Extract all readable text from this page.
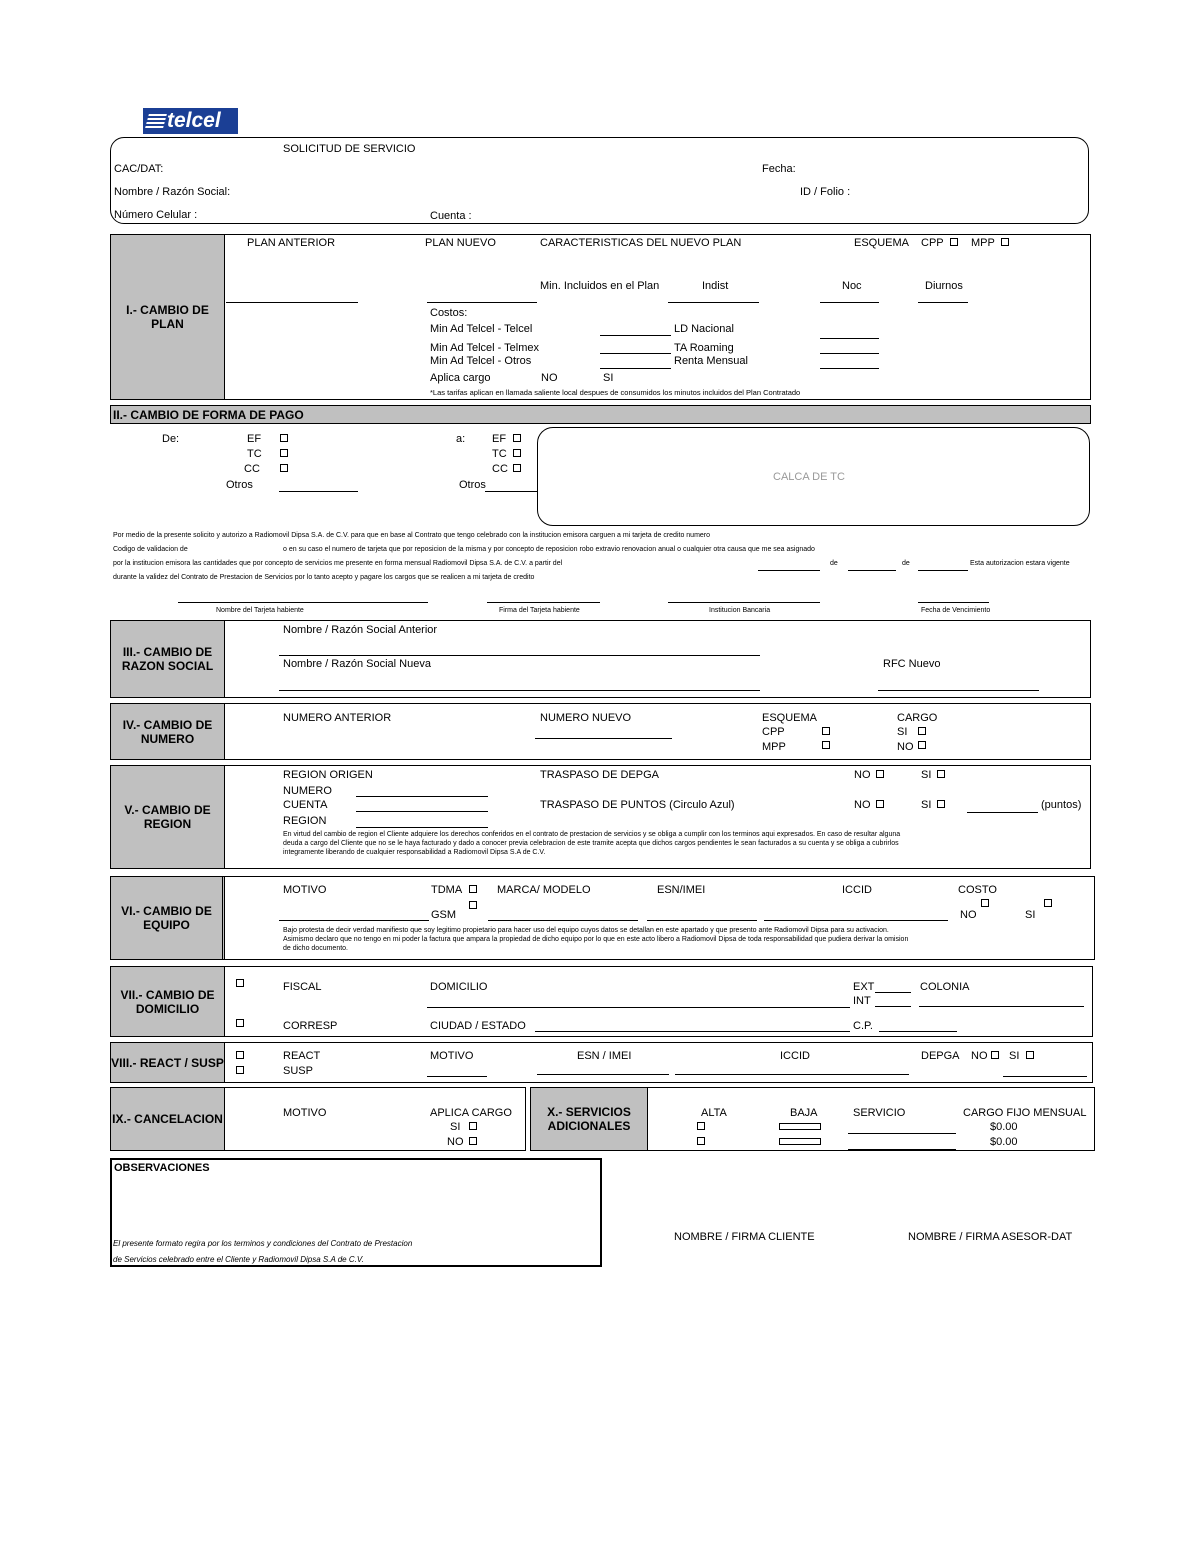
telcel
SOLICITUD DE SERVICIO
CAC/DAT:
Nombre / Razón Social:
Número Celular :	Cuenta :
Fecha:
ID / Folio :
I.- CAMBIO DE PLAN
PLAN ANTERIOR	PLAN NUEVO	CARACTERISTICAS DEL NUEVO PLAN	ESQUEMA CPP MPP
Min. Incluidos en el Plan	Indist	Noc	Diurnos
Costos:
Min Ad Telcel - Telcel	LD Nacional
Min Ad Telcel - Telmex	TA Roaming
Min Ad Telcel - Otros	Renta Mensual
Aplica cargo	NO	SI
*Las tarifas aplican en llamada saliente local despues de consumidos los minutos incluidos del Plan Contratado
II.- CAMBIO DE FORMA DE PAGO
De:	EF
TC
CC
Otros
a: EF
TC
CC
Otros
CALCA DE TC
Por medio de la presente solicito y autorizo a Radiomovil Dipsa S.A. de C.V. para que en base al Contrato que tengo celebrado con la institucion emisora carguen a mi tarjeta de credito numero
Codigo de validacion de	o en su caso el numero de tarjeta que por reposicion de la misma y por concepto de reposicion robo extravio renovacion anual o cualquier otra causa que me sea asignado
por la institucion emisora las cantidades que por concepto de servicios me presente en forma mensual Radiomovil Dipsa S.A. de C.V. a partir del	de	de	Esta autorizacion estara vigente
durante la validez del Contrato de Prestacion de Servicios por lo tanto acepto y pagare los cargos que se realicen a mi tarjeta de credito
Nombre del Tarjeta habiente	Firma del Tarjeta habiente	Institucion Bancaria	Fecha de Vencimiento
III.- CAMBIO DE RAZON SOCIAL
Nombre / Razón Social Anterior
Nombre / Razón Social Nueva	RFC Nuevo
IV.- CAMBIO DE NUMERO
NUMERO ANTERIOR	NUMERO NUEVO	ESQUEMA
CPP
MPP
CARGO
SI
NO
V.- CAMBIO DE REGION
REGION ORIGEN
NUMERO
CUENTA
REGION
TRASPASO DE DEPGA	NO	SI
TRASPASO DE PUNTOS (Circulo Azul)	NO	SI	(puntos)
En virtud del cambio de region el Cliente adquiere los derechos conferidos en el contrato de prestacion de servicios y se obliga a cumplir con los terminos aqui expresados. En caso de resultar alguna deuda a cargo del Cliente que no se le haya facturado y dado a conocer previa celebracion de este tramite acepta que dichos cargos pendientes le sean facturados a su cuenta y se obliga a cubrirlos integramente liberando de cualquier responsabilidad a Radiomovil Dipsa S.A de C.V.
VI.- CAMBIO DE EQUIPO
MOTIVO	TDMA
GSM
MARCA/ MODELO	ESN/IMEI	ICCID	COSTO
NO	SI
Bajo protesta de decir verdad manifiesto que soy legitimo propietario para hacer uso del equipo cuyos datos se detallan en este apartado y que presento ante Radiomovil Dipsa para su activacion. Asimismo declaro que no tengo en mi poder la factura que ampara la propiedad de dicho equipo por lo que en este acto libero a Radiomovil Dipsa de toda responsabilidad que pudiera derivar la omision de dicho documento.
VII.- CAMBIO DE DOMICILIO
FISCAL	DOMICILIO	EXT
INT
COLONIA
CORRESP	CIUDAD / ESTADO	C.P.
VIII.- REACT / SUSP	REACT
SUSP
MOTIVO	ESN / IMEI	ICCID	DEPGA NO SI
IX.- CANCELACION	MOTIVO	APLICA CARGO
SI
NO
X.- SERVICIOS ADICIONALES
ALTA	BAJA	SERVICIO	CARGO FIJO MENSUAL
$0.00
$0.00
OBSERVACIONES
El presente formato regira por los terminos y condiciones del Contrato de Prestacion
de Servicios celebrado entre el Cliente y Radiomovil Dipsa S.A de C.V.
NOMBRE / FIRMA CLIENTE	NOMBRE / FIRMA ASESOR-DAT
